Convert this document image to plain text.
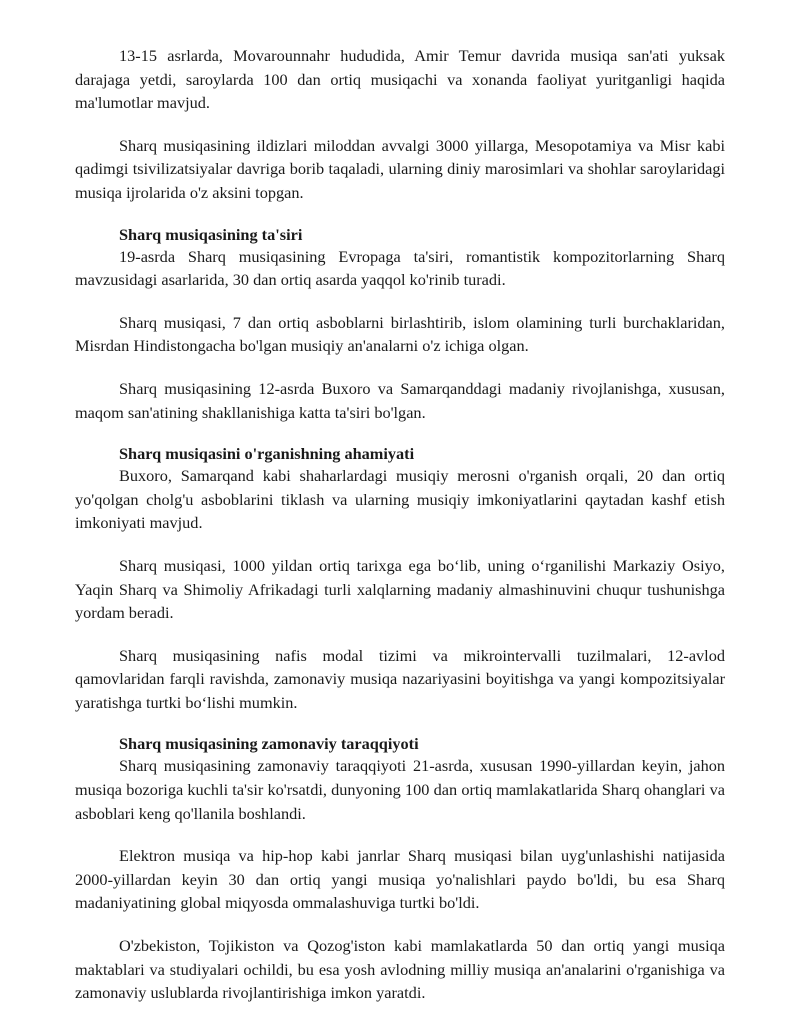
13-15 asrlarda, Movarounnahr hududida, Amir Temur davrida musiqa san'ati yuksak darajaga yetdi, saroylarda 100 dan ortiq musiqachi va xonanda faoliyat yuritganligi haqida ma'lumotlar mavjud.

Sharq musiqasining ildizlari miloddan avvalgi 3000 yillarga, Mesopotamiya va Misr kabi qadimgi tsivilizatsiyalar davriga borib taqaladi, ularning diniy marosimlari va shohlar saroylaridagi musiqa ijrolarida o'z aksini topgan.

Sharq musiqasining ta'siri

19-asrda Sharq musiqasining Evropaga ta'siri, romantistik kompozitorlarning Sharq mavzusidagi asarlarida, 30 dan ortiq asarda yaqqol ko'rinib turadi.

Sharq musiqasi, 7 dan ortiq asboblarni birlashtirib, islom olamining turli burchaklaridan, Misrdan Hindistongacha bo'lgan musiqiy an'analarni o'z ichiga olgan.

Sharq musiqasining 12-asrda Buxoro va Samarqanddagi madaniy rivojlanishga, xususan, maqom san'atining shakllanishiga katta ta'siri bo'lgan.

Sharq musiqasini o'rganishning ahamiyati

Buxoro, Samarqand kabi shaharlardagi musiqiy merosni o'rganish orqali, 20 dan ortiq yo'qolgan cholg'u asboblarini tiklash va ularning musiqiy imkoniyatlarini qaytadan kashf etish imkoniyati mavjud.

Sharq musiqasi, 1000 yildan ortiq tarixga ega bo‘lib, uning o‘rganilishi Markaziy Osiyo, Yaqin Sharq va Shimoliy Afrikadagi turli xalqlarning madaniy almashinuvini chuqur tushunishga yordam beradi.

Sharq musiqasining nafis modal tizimi va mikrointervalli tuzilmalari, 12-avlod qamovlaridan farqli ravishda, zamonaviy musiqa nazariyasini boyitishga va yangi kompozitsiyalar yaratishga turtki bo‘lishi mumkin.

Sharq musiqasining zamonaviy taraqqiyoti

Sharq musiqasining zamonaviy taraqqiyoti 21-asrda, xususan 1990-yillardan keyin, jahon musiqa bozoriga kuchli ta'sir ko'rsatdi, dunyoning 100 dan ortiq mamlakatlarida Sharq ohanglari va asboblari keng qo'llanila boshlandi.

Elektron musiqa va hip-hop kabi janrlar Sharq musiqasi bilan uyg'unlashishi natijasida 2000-yillardan keyin 30 dan ortiq yangi musiqa yo'nalishlari paydo bo'ldi, bu esa Sharq madaniyatining global miqyosda ommalashuviga turtki bo'ldi.

O'zbekiston, Tojikiston va Qozog'iston kabi mamlakatlarda 50 dan ortiq yangi musiqa maktablari va studiyalari ochildi, bu esa yosh avlodning milliy musiqa an'analarini o'rganishiga va zamonaviy uslublarda rivojlantirishiga imkon yaratdi.
